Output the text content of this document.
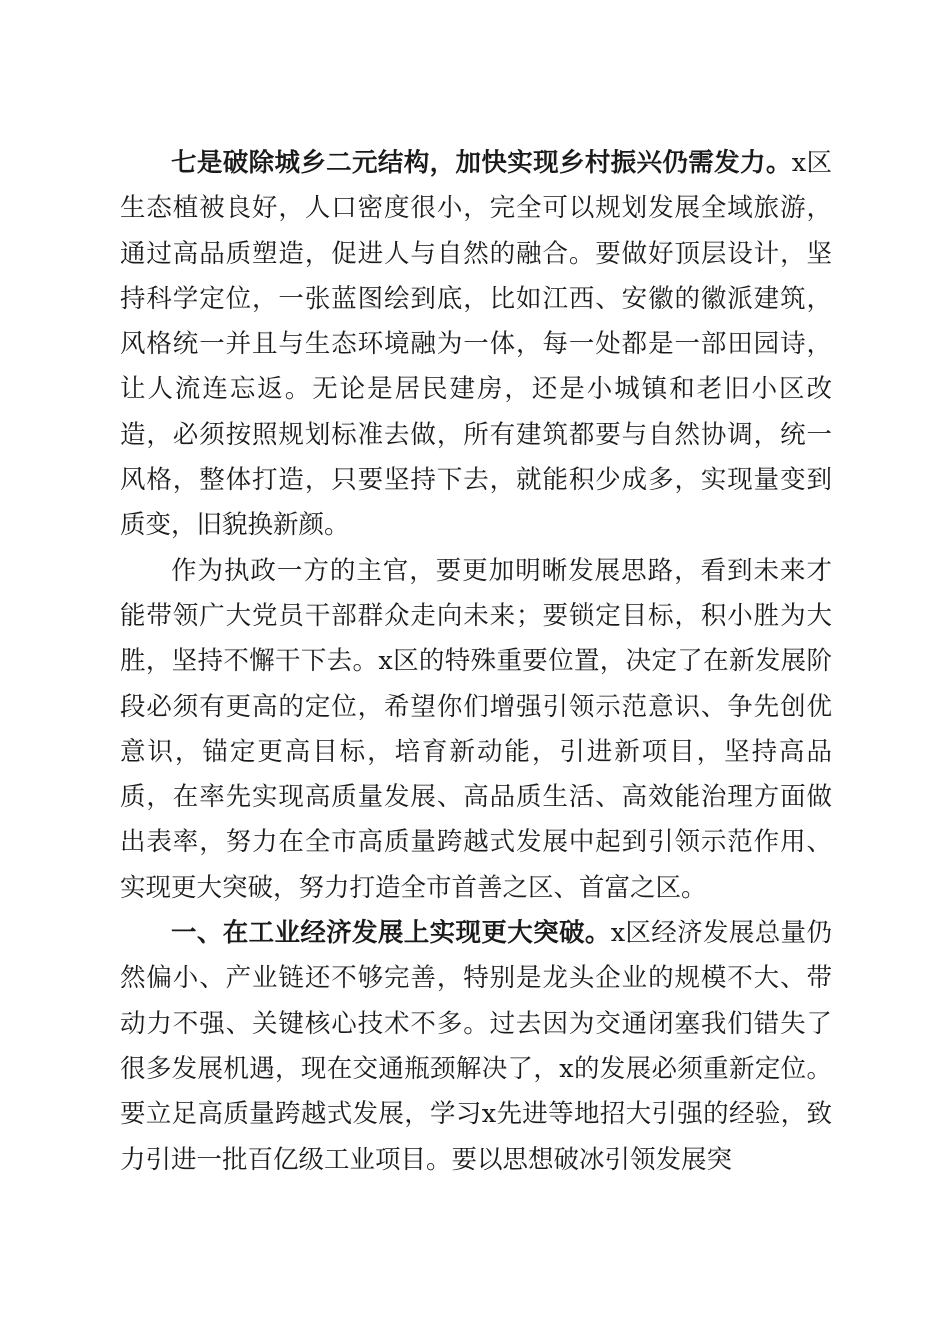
七是破除城乡二元结构，加快实现乡村振兴仍需发力。x区生态植被良好，人口密度很小，完全可以规划发展全域旅游，通过高品质塑造，促进人与自然的融合。要做好顶层设计，坚持科学定位，一张蓝图绘到底，比如江西、安徽的徽派建筑，风格统一并且与生态环境融为一体，每一处都是一部田园诗，让人流连忘返。无论是居民建房，还是小城镇和老旧小区改造，必须按照规划标准去做，所有建筑都要与自然协调，统一风格，整体打造，只要坚持下去，就能积少成多，实现量变到质变，旧貌换新颜。

作为执政一方的主官，要更加明晰发展思路，看到未来才能带领广大党员干部群众走向未来；要锁定目标，积小胜为大胜，坚持不懈干下去。x区的特殊重要位置，决定了在新发展阶段必须有更高的定位，希望你们增强引领示范意识、争先创优意识，锚定更高目标，培育新动能，引进新项目，坚持高品质，在率先实现高质量发展、高品质生活、高效能治理方面做出表率，努力在全市高质量跨越式发展中起到引领示范作用、实现更大突破，努力打造全市首善之区、首富之区。

一、在工业经济发展上实现更大突破。x区经济发展总量仍然偏小、产业链还不够完善，特别是龙头企业的规模不大、带动力不强、关键核心技术不多。过去因为交通闭塞我们错失了很多发展机遇，现在交通瓶颈解决了，x的发展必须重新定位。要立足高质量跨越式发展，学习x先进等地招大引强的经验，致力引进一批百亿级工业项目。要以思想破冰引领发展突
